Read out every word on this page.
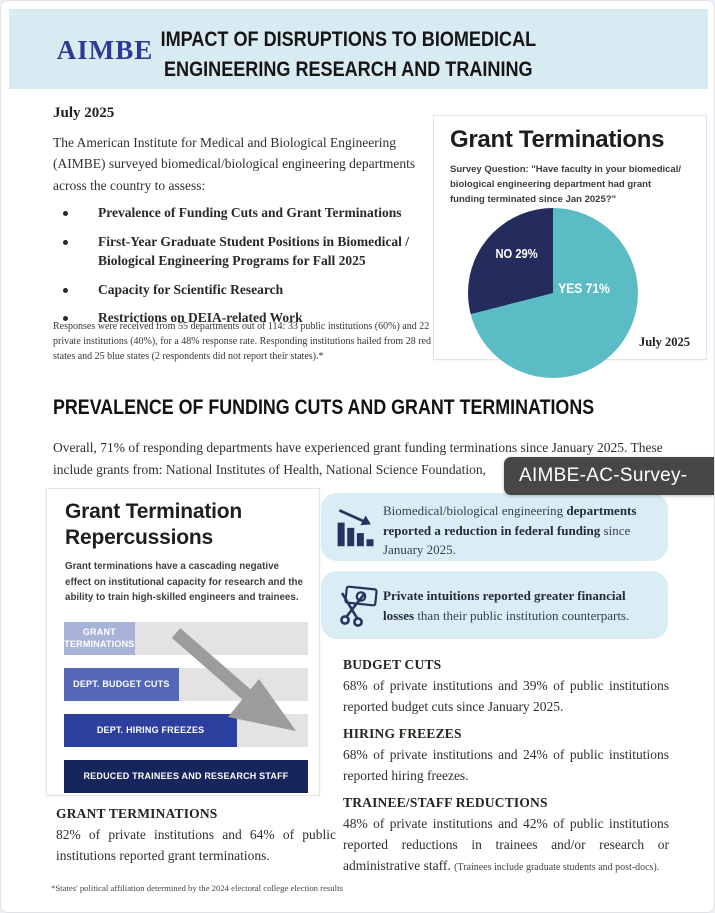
AIMBE IMPACT OF DISRUPTIONS TO BIOMEDICAL
ENGINEERING RESEARCH AND TRAINING
July 2025
The American Institute for Medical and Biological Engineering (AIMBE) surveyed biomedical/biological engineering departments across the country to assess:
Prevalence of Funding Cuts and Grant Terminations
First-Year Graduate Student Positions in Biomedical / Biological Engineering Programs for Fall 2025
Capacity for Scientific Research
Restrictions on DEIA-related Work
Responses were received from 55 departments out of 114: 33 public institutions (60%) and 22 private institutions (40%), for a 48% response rate. Responding institutions hailed from 28 red states and 25 blue states (2 respondents did not report their states).*
Grant Terminations
Survey Question: "Have faculty in your biomedical/ biological engineering department had grant funding terminated since Jan 2025?"
NO 29%
YES 71%
July 2025
PREVALENCE OF FUNDING CUTS AND GRANT TERMINATIONS
Overall, 71% of responding departments have experienced grant funding terminations since January 2025. These include grants from: National Institutes of Health, National Science Foundation,	AIMBE-AC-Survey-
Grant Termination Repercussions
Grant terminations have a cascading negative effect on institutional capacity for research and the ability to train high-skilled engineers and trainees.
GRANT TERMINATIONS
DEPT. BUDGET CUTS
DEPT. HIRING FREEZES
REDUCED TRAINEES AND RESEARCH STAFF
Biomedical/biological engineering departments reported a reduction in federal funding since January 2025.
Private intuitions reported greater financial losses than their public institution counterparts.
BUDGET CUTS
68% of private institutions and 39% of public institutions reported budget cuts since January 2025.
HIRING FREEZES
68% of private institutions and 24% of public institutions reported hiring freezes.
TRAINEE/STAFF REDUCTIONS
48% of private institutions and 42% of public institutions reported reductions in trainees and/or research or administrative staff. (Trainees include graduate students and post-docs).
GRANT TERMINATIONS
82% of private institutions and 64% of public institutions reported grant terminations.
*States' political affiliation determined by the 2024 electoral college election results
